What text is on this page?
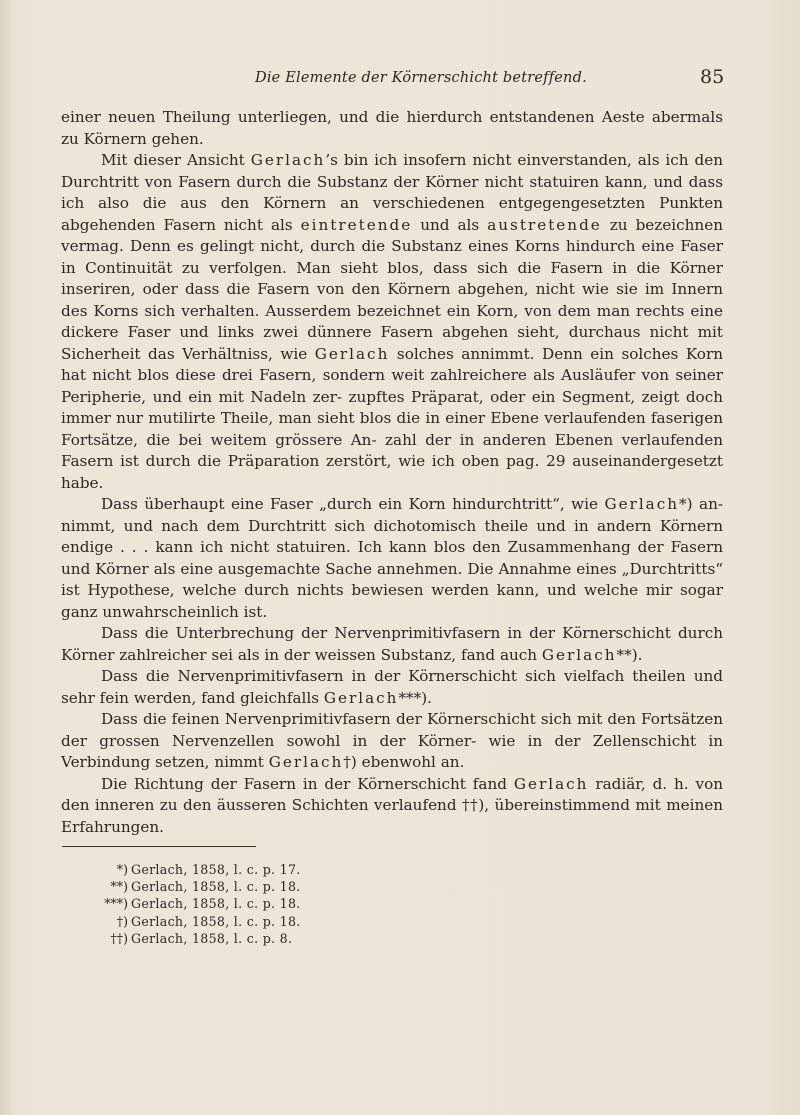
Die Elemente der Körnerschicht betreffend.	85

einer neuen Theilung unterliegen, und die hierdurch entstandenen Aeste abermals zu Körnern gehen.

Mit dieser Ansicht Gerlach’s bin ich insofern nicht einverstanden, als ich den Durchtritt von Fasern durch die Substanz der Körner nicht statuiren kann, und dass ich also die aus den Körnern an verschiedenen entgegengesetzten Punkten abgehenden Fasern nicht als eintretende und als austretende zu bezeichnen vermag. Denn es gelingt nicht, durch die Substanz eines Korns hindurch eine Faser in Continuität zu verfolgen. Man sieht blos, dass sich die Fasern in die Körner inseriren, oder dass die Fasern von den Körnern abgehen, nicht wie sie im Innern des Korns sich verhalten. Ausserdem bezeichnet ein Korn, von dem man rechts eine dickere Faser und links zwei dünnere Fasern abgehen sieht, durchaus nicht mit Sicherheit das Verhältniss, wie Gerlach solches annimmt. Denn ein solches Korn hat nicht blos diese drei Fasern, sondern weit zahlreichere als Ausläufer von seiner Peripherie, und ein mit Nadeln zer- zupftes Präparat, oder ein Segment, zeigt doch immer nur mutilirte Theile, man sieht blos die in einer Ebene verlaufenden faserigen Fortsätze, die bei weitem grössere An- zahl der in anderen Ebenen verlaufenden Fasern ist durch die Präparation zerstört, wie ich oben pag. 29 auseinandergesetzt habe.

Dass überhaupt eine Faser „durch ein Korn hindurchtritt“, wie Gerlach*) an- nimmt, und nach dem Durchtritt sich dichotomisch theile und in andern Körnern endige . . . kann ich nicht statuiren. Ich kann blos den Zusammenhang der Fasern und Körner als eine ausgemachte Sache annehmen. Die Annahme eines „Durchtritts“ ist Hypothese, welche durch nichts bewiesen werden kann, und welche mir sogar ganz unwahrscheinlich ist.

Dass die Unterbrechung der Nervenprimitivfasern in der Körnerschicht durch Körner zahlreicher sei als in der weissen Substanz, fand auch Gerlach**).

Dass die Nervenprimitivfasern in der Körnerschicht sich vielfach theilen und sehr fein werden, fand gleichfalls Gerlach***).

Dass die feinen Nervenprimitivfasern der Körnerschicht sich mit den Fortsätzen der grossen Nervenzellen sowohl in der Körner- wie in der Zellenschicht in Verbindung setzen, nimmt Gerlach†) ebenwohl an.

Die Richtung der Fasern in der Körnerschicht fand Gerlach radiär, d. h. von den inneren zu den äusseren Schichten verlaufend ††), übereinstimmend mit meinen Erfahrungen.

*) Gerlach, 1858, l. c. p. 17.
**) Gerlach, 1858, l. c. p. 18.
***) Gerlach, 1858, l. c. p. 18.
†) Gerlach, 1858, l. c. p. 18.
††) Gerlach, 1858, l. c. p. 8.
